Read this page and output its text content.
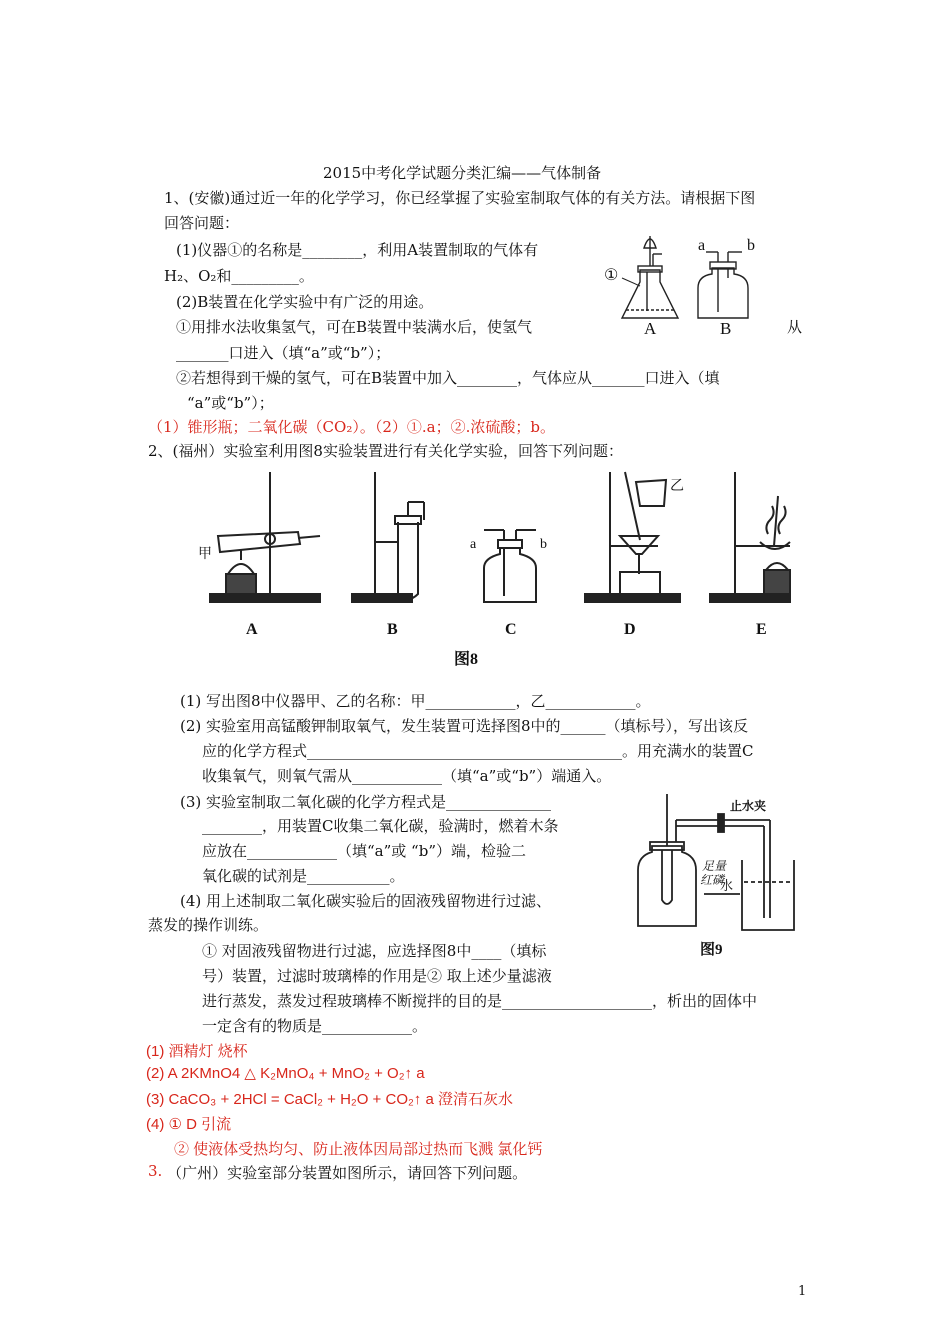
2015中考化学试题分类汇编——气体制备
1、(安徽)通过近一年的化学学习，你已经掌握了实验室制取气体的有关方法。请根据下图
回答问题：
(1)仪器①的名称是________，利用A装置制取的气体有
H₂、O₂和_________。
(2)B装置在化学实验中有广泛的用途。
①用排水法收集氢气，可在B装置中装满水后，使氢气	从
_______口进入（填“a”或“b”）；
②若想得到干燥的氢气，可在B装置中加入________，气体应从_______口进入（填
“a”或“b”）；
（1）锥形瓶；二氧化碳（CO₂）。（2）①.a；②.浓硫酸；b。
①
A
a	b
B
2、(福州）实验室利用图8实验装置进行有关化学实验，回答下列问题：
甲
乙
a	b
A	B	C	D	E
图8
(1) 写出图8中仪器甲、乙的名称：甲____________，乙____________。
(2) 实验室用高锰酸钾制取氧气，发生装置可选择图8中的______（填标号），写出该反
应的化学方程式__________________________________________。用充满水的装置C
收集氧气，则氧气需从____________（填“a”或“b”）端通入。
(3) 实验室制取二氧化碳的化学方程式是______________
________，用装置C收集二氧化碳，验满时，燃着木条
应放在____________（填“a”或 “b”）端，检验二
氧化碳的试剂是___________。
(4) 用上述制取二氧化碳实验后的固液残留物进行过滤、
蒸发的操作训练。
① 对固液残留物进行过滤，应选择图8中____（填标
号）装置，过滤时玻璃棒的作用是② 取上述少量滤液
进行蒸发，蒸发过程玻璃棒不断搅拌的目的是____________________，析出的固体中
一定含有的物质是____________。
止水夹
足量
红磷
水
图9
(1) 酒精灯 烧杯
(2) A 2KMnO4 △ K₂MnO₄ + MnO₂ + O₂↑ a
(3) CaCO₃ + 2HCl = CaCl₂ + H₂O + CO₂↑ a 澄清石灰水
(4) ① D 引流
② 使液体受热均匀、防止液体因局部过热而飞溅 氯化钙
3. （广州）实验室部分装置如图所示，请回答下列问题。
1
